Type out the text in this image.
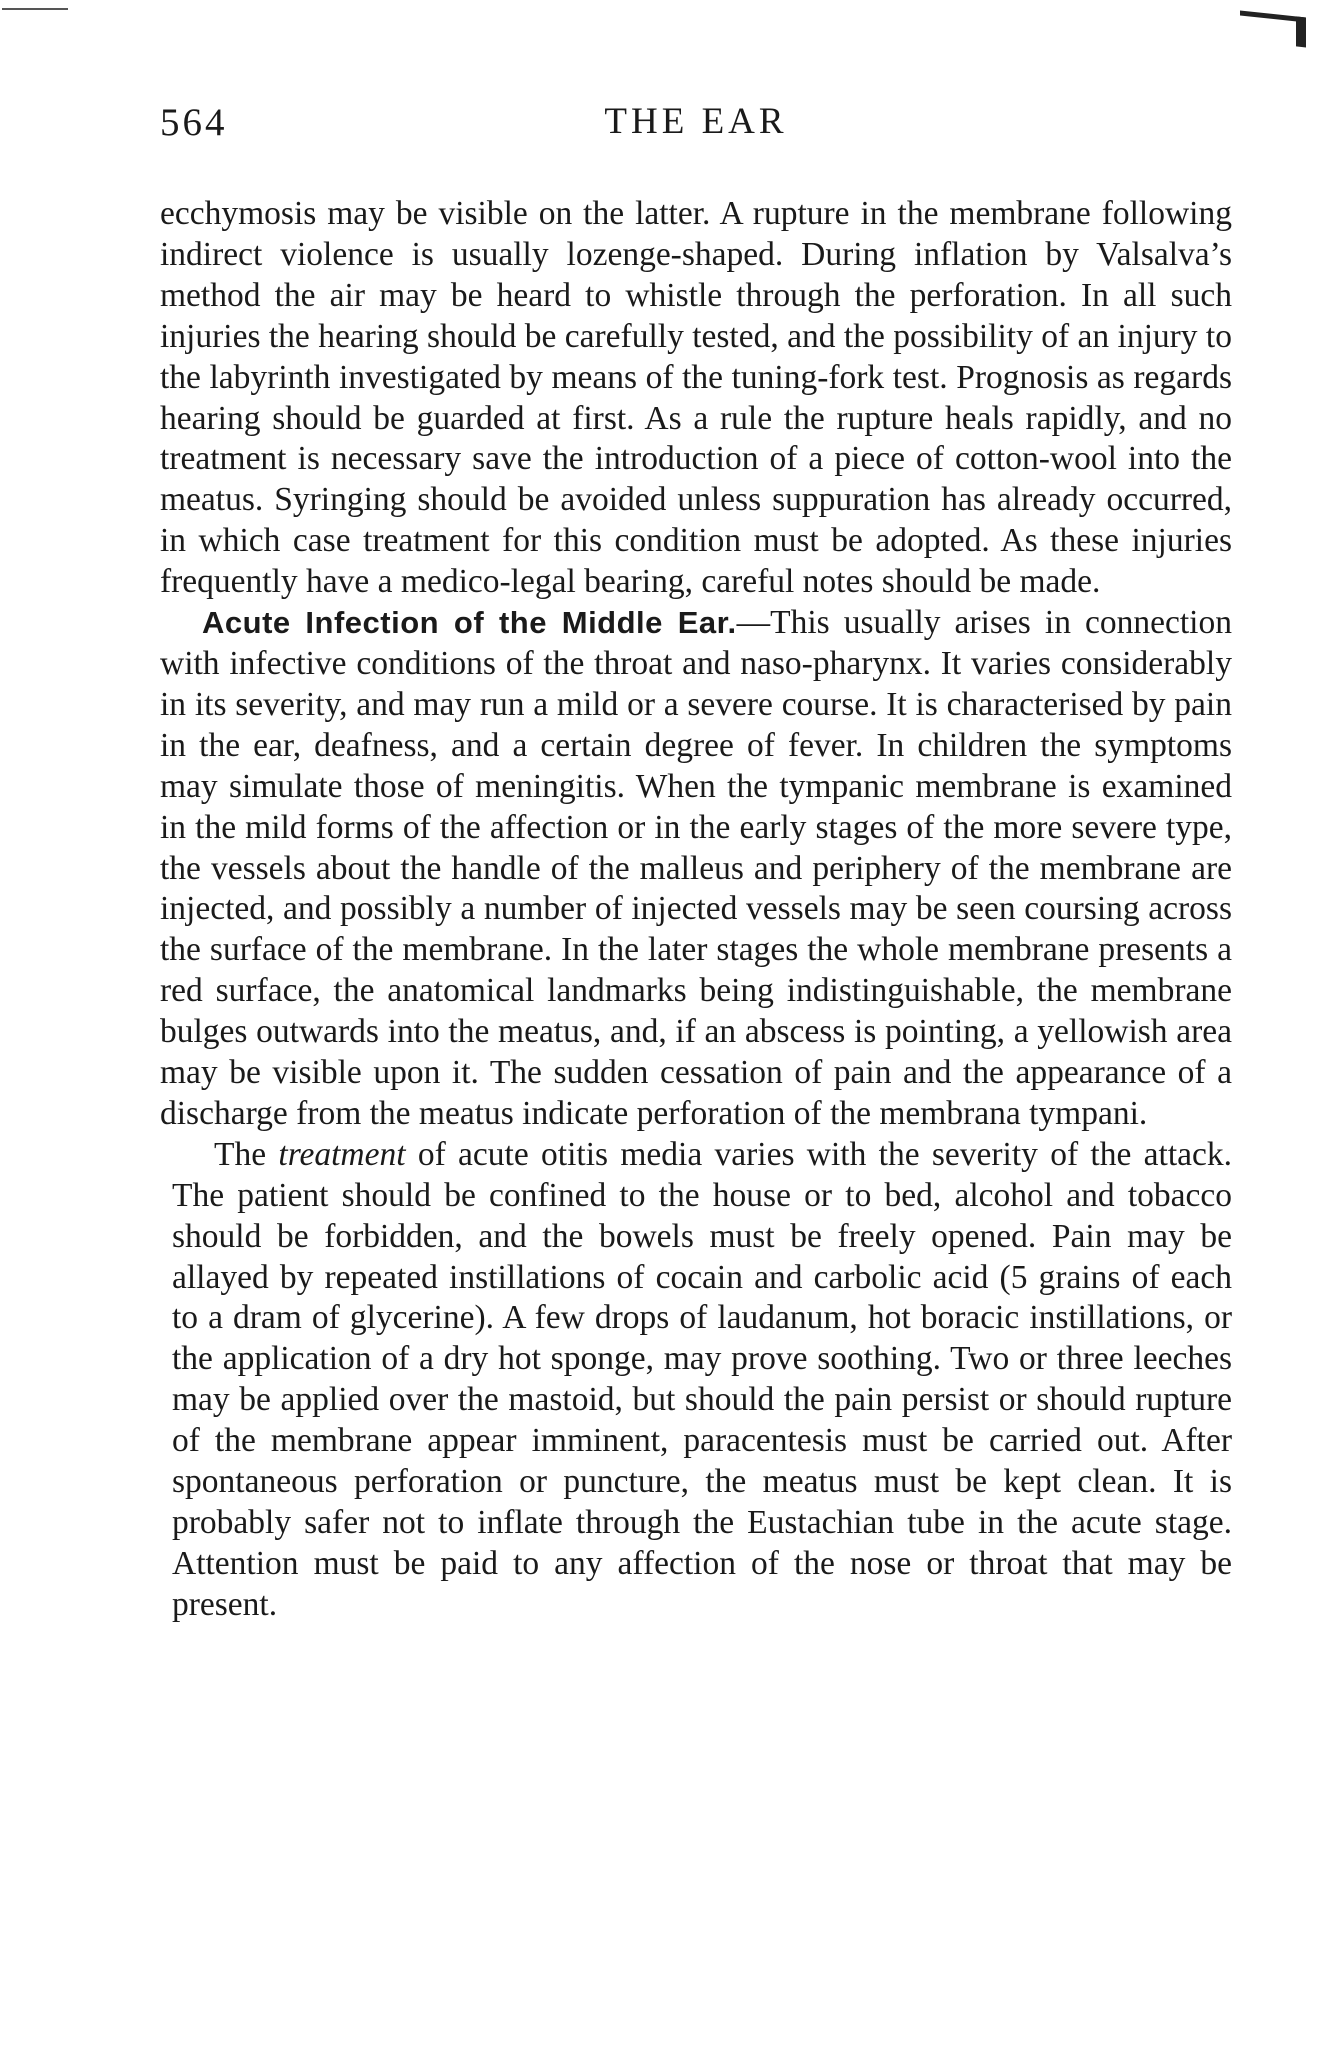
564	THE EAR

ecchymosis may be visible on the latter. A rupture in the membrane following indirect violence is usually lozenge-shaped. During inflation by Valsalva’s method the air may be heard to whistle through the perforation. In all such injuries the hearing should be carefully tested, and the possibility of an injury to the labyrinth investigated by means of the tuning-fork test. Prognosis as regards hearing should be guarded at first. As a rule the rupture heals rapidly, and no treatment is necessary save the introduction of a piece of cotton-wool into the meatus. Syringing should be avoided unless suppuration has already occurred, in which case treatment for this condition must be adopted. As these injuries frequently have a medico-legal bearing, careful notes should be made.

Acute Infection of the Middle Ear.—This usually arises in connection with infective conditions of the throat and naso-pharynx. It varies considerably in its severity, and may run a mild or a severe course. It is characterised by pain in the ear, deafness, and a certain degree of fever. In children the symptoms may simulate those of meningitis. When the tympanic membrane is examined in the mild forms of the affection or in the early stages of the more severe type, the vessels about the handle of the malleus and periphery of the membrane are injected, and possibly a number of injected vessels may be seen coursing across the surface of the membrane. In the later stages the whole membrane presents a red surface, the anatomical landmarks being indistinguishable, the membrane bulges outwards into the meatus, and, if an abscess is pointing, a yellowish area may be visible upon it. The sudden cessation of pain and the appearance of a discharge from the meatus indicate perforation of the membrana tympani.

The treatment of acute otitis media varies with the severity of the attack. The patient should be confined to the house or to bed, alcohol and tobacco should be forbidden, and the bowels must be freely opened. Pain may be allayed by repeated instillations of cocain and carbolic acid (5 grains of each to a dram of glycerine). A few drops of laudanum, hot boracic instillations, or the application of a dry hot sponge, may prove soothing. Two or three leeches may be applied over the mastoid, but should the pain persist or should rupture of the membrane appear imminent, paracentesis must be carried out. After spontaneous perforation or puncture, the meatus must be kept clean. It is probably safer not to inflate through the Eustachian tube in the acute stage. Attention must be paid to any affection of the nose or throat that may be present.
